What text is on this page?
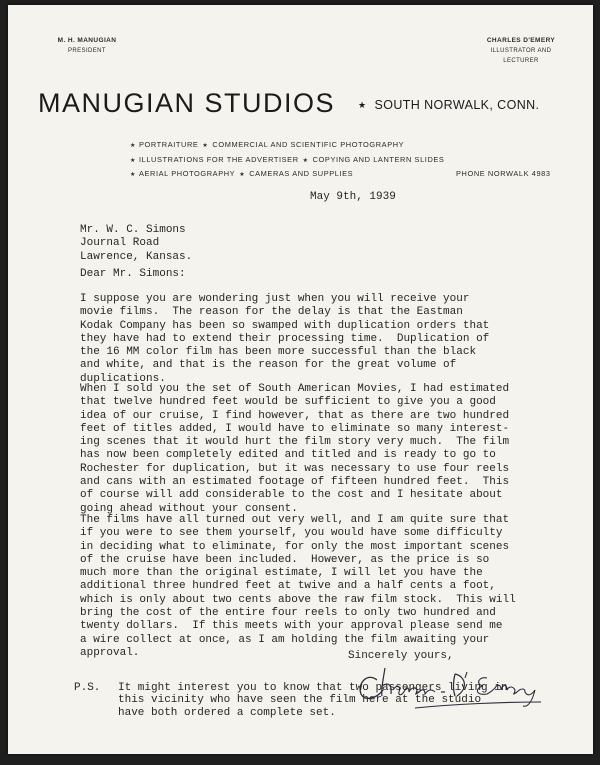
M. H. MANUGIAN
PRESIDENT
CHARLES D'EMERY
ILLUSTRATOR AND
LECTURER
MANUGIAN STUDIOS	★ SOUTH NORWALK, CONN.
★ PORTRAITURE ★ COMMERCIAL AND SCIENTIFIC PHOTOGRAPHY
★ ILLUSTRATIONS FOR THE ADVERTISER ★ COPYING AND LANTERN SLIDES
★ AERIAL PHOTOGRAPHY ★ CAMERAS AND SUPPLIES	PHONE NORWALK 4983
May 9th, 1939
Mr. W. C. Simons
Journal Road
Lawrence, Kansas.
Dear Mr. Simons:
I suppose you are wondering just when you will receive your
movie films.  The reason for the delay is that the Eastman
Kodak Company has been so swamped with duplication orders that
they have had to extend their processing time.  Duplication of
the 16 MM color film has been more successful than the black
and white, and that is the reason for the great volume of
duplications.
When I sold you the set of South American Movies, I had estimated
that twelve hundred feet would be sufficient to give you a good
idea of our cruise, I find however, that as there are two hundred
feet of titles added, I would have to eliminate so many interest-
ing scenes that it would hurt the film story very much.  The film
has now been completely edited and titled and is ready to go to
Rochester for duplication, but it was necessary to use four reels
and cans with an estimated footage of fifteen hundred feet.  This
of course will add considerable to the cost and I hesitate about
going ahead without your consent.
The films have all turned out very well, and I am quite sure that
if you were to see them yourself, you would have some difficulty
in deciding what to eliminate, for only the most important scenes
of the cruise have been included.  However, as the price is so
much more than the original estimate, I will let you have the
additional three hundred feet at twive and a half cents a foot,
which is only about two cents above the raw film stock.  This will
bring the cost of the entire four reels to only two hundred and
twenty dollars.  If this meets with your approval please send me
a wire collect at once, as I am holding the film awaiting your
approval.	Sincerely yours,
P.S. It might interest you to know that two passengers living in
this vicinity who have seen the film here at the studio
have both ordered a complete set.
